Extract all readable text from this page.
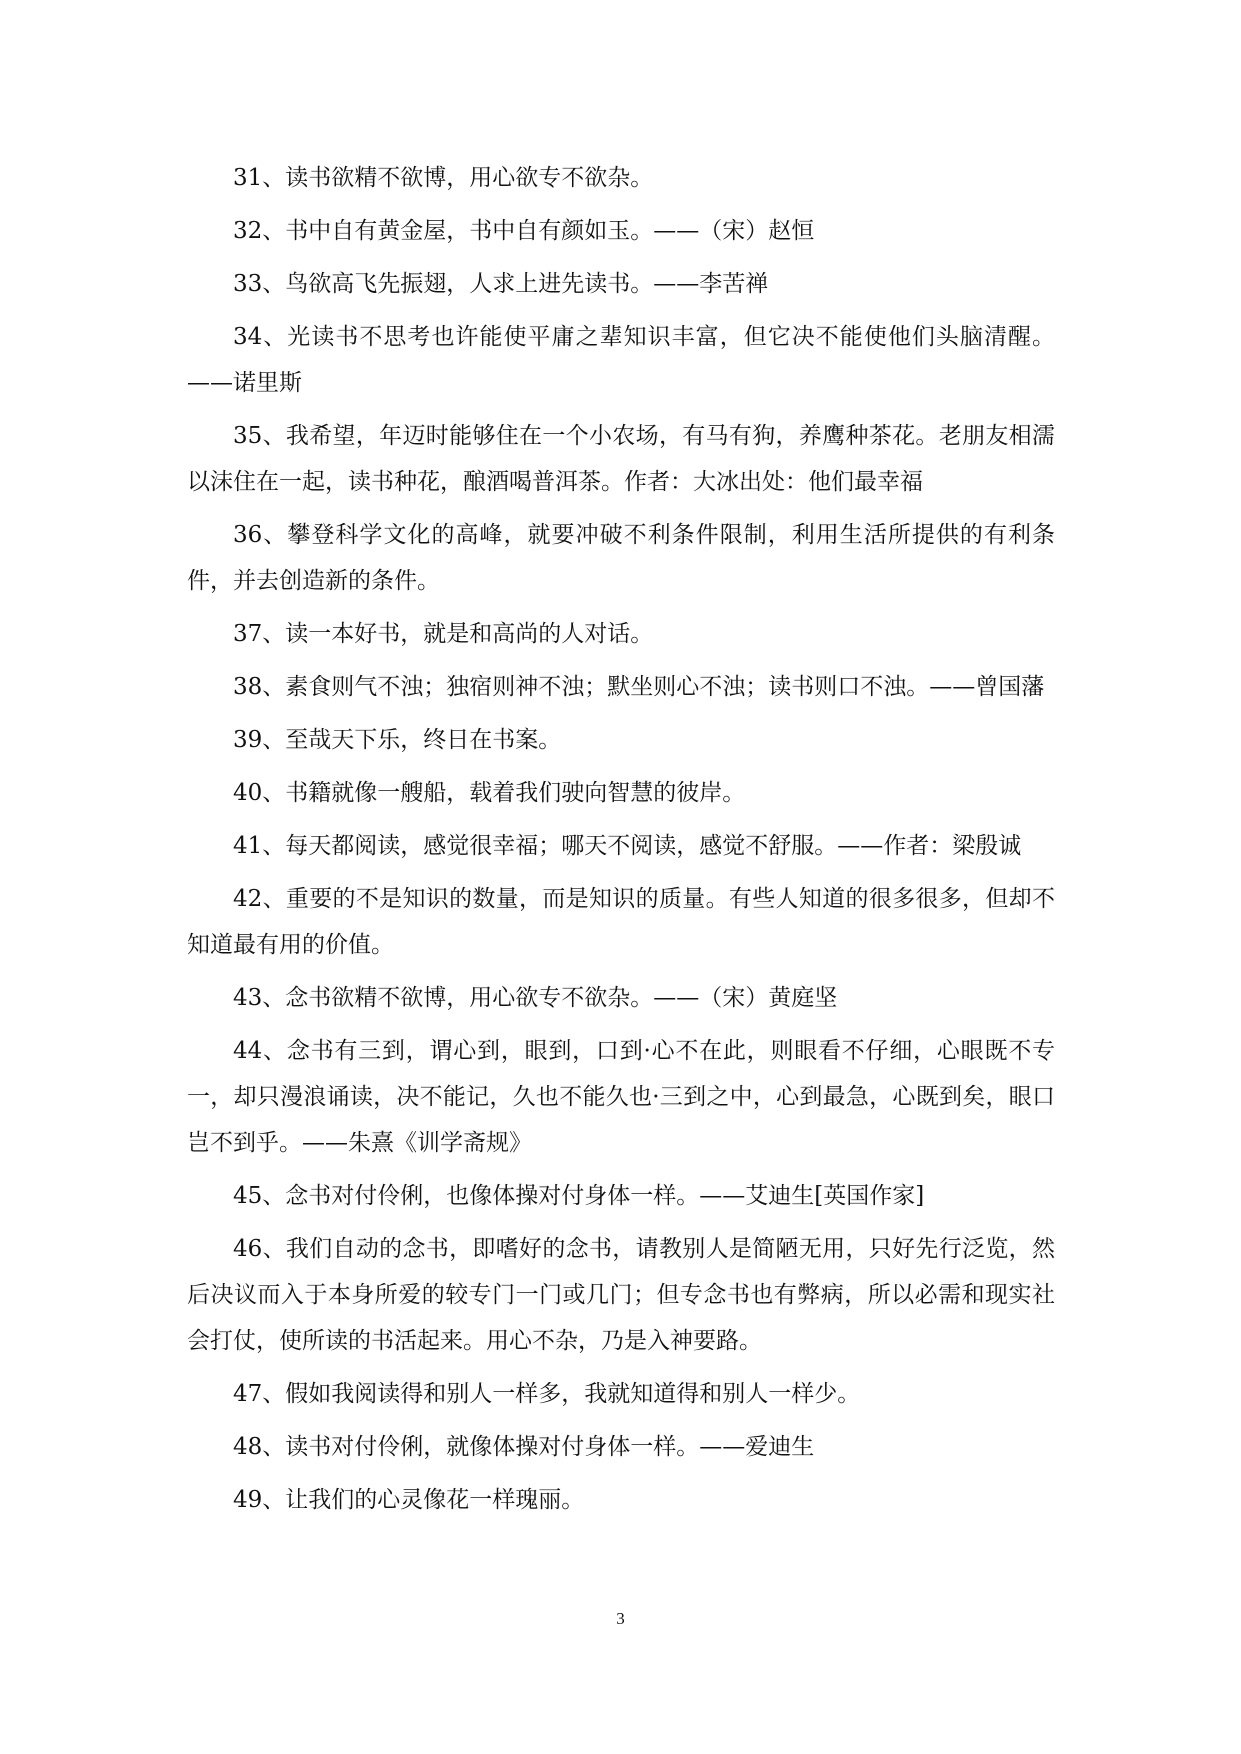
31、读书欲精不欲博，用心欲专不欲杂。

32、书中自有黄金屋，书中自有颜如玉。——（宋）赵恒

33、鸟欲高飞先振翅，人求上进先读书。——李苦禅

34、光读书不思考也许能使平庸之辈知识丰富，但它决不能使他们头脑清醒。——诺里斯

35、我希望，年迈时能够住在一个小农场，有马有狗，养鹰种茶花。老朋友相濡以沫住在一起，读书种花，酿酒喝普洱茶。作者：大冰出处：他们最幸福

36、攀登科学文化的高峰，就要冲破不利条件限制，利用生活所提供的有利条件，并去创造新的条件。

37、读一本好书，就是和高尚的人对话。

38、素食则气不浊；独宿则神不浊；默坐则心不浊；读书则口不浊。——曾国藩

39、至哉天下乐，终日在书案。

40、书籍就像一艘船，载着我们驶向智慧的彼岸。

41、每天都阅读，感觉很幸福；哪天不阅读，感觉不舒服。——作者：梁殷诚

42、重要的不是知识的数量，而是知识的质量。有些人知道的很多很多，但却不知道最有用的价值。

43、念书欲精不欲博，用心欲专不欲杂。——（宋）黄庭坚

44、念书有三到，谓心到，眼到，口到·心不在此，则眼看不仔细，心眼既不专一，却只漫浪诵读，决不能记，久也不能久也·三到之中，心到最急，心既到矣，眼口岂不到乎。——朱熹《训学斋规》

45、念书对付伶俐，也像体操对付身体一样。——艾迪生[英国作家]

46、我们自动的念书，即嗜好的念书，请教别人是简陋无用，只好先行泛览，然后决议而入于本身所爱的较专门一门或几门；但专念书也有弊病，所以必需和现实社会打仗，使所读的书活起来。用心不杂，乃是入神要路。

47、假如我阅读得和别人一样多，我就知道得和别人一样少。

48、读书对付伶俐，就像体操对付身体一样。——爱迪生

49、让我们的心灵像花一样瑰丽。

3
